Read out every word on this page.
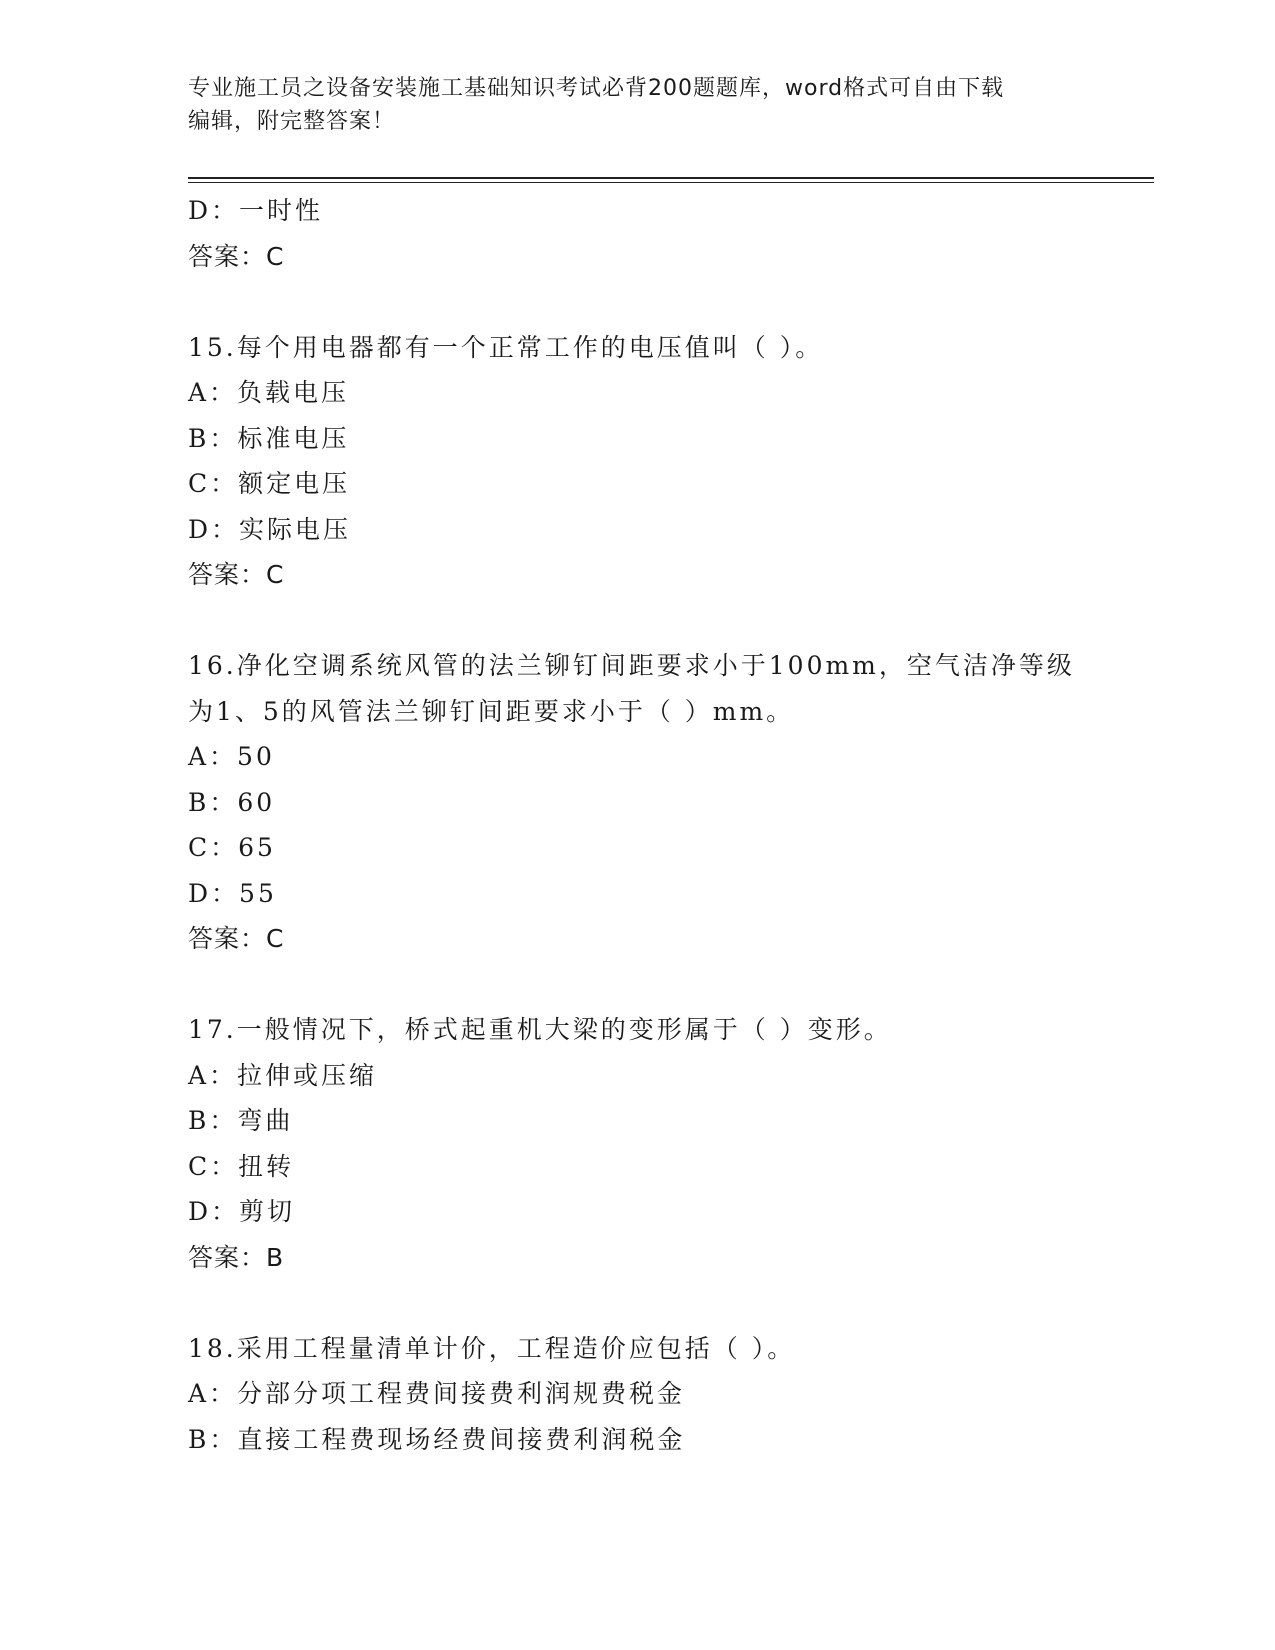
专业施工员之设备安装施工基础知识考试必背200题题库，word格式可自由下载
编辑，附完整答案！
D：一时性
答案：C
15.每个用电器都有一个正常工作的电压值叫（ ）。
A：负载电压
B：标准电压
C：额定电压
D：实际电压
答案：C
16.净化空调系统风管的法兰铆钉间距要求小于100mm，空气洁净等级
为1、5的风管法兰铆钉间距要求小于（ ）mm。
A：50
B：60
C：65
D：55
答案：C
17.一般情况下，桥式起重机大梁的变形属于（ ）变形。
A：拉伸或压缩
B：弯曲
C：扭转
D：剪切
答案：B
18.采用工程量清单计价，工程造价应包括（ ）。
A：分部分项工程费间接费利润规费税金
B：直接工程费现场经费间接费利润税金
